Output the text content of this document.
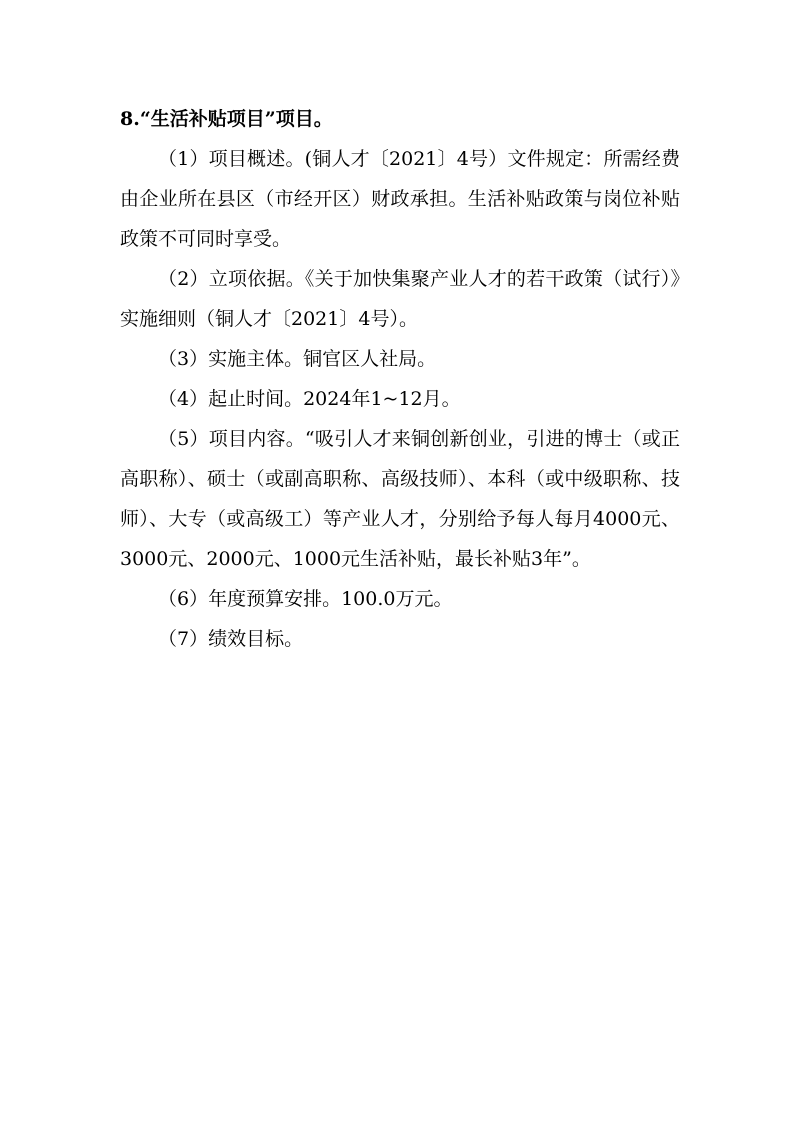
8.“生活补贴项目”项目。

（1）项目概述。(铜人才〔2021〕4号）文件规定：所需经费由企业所在县区（市经开区）财政承担。生活补贴政策与岗位补贴政策不可同时享受。

（2）立项依据。《关于加快集聚产业人才的若干政策（试行）》实施细则（铜人才〔2021〕4号）。

（3）实施主体。铜官区人社局。

（4）起止时间。2024年1~12月。

（5）项目内容。“吸引人才来铜创新创业，引进的博士（或正高职称）、硕士（或副高职称、高级技师）、本科（或中级职称、技师）、大专（或高级工）等产业人才，分别给予每人每月4000元、3000元、2000元、1000元生活补贴，最长补贴3年”。

（6）年度预算安排。100.0万元。

（7）绩效目标。
